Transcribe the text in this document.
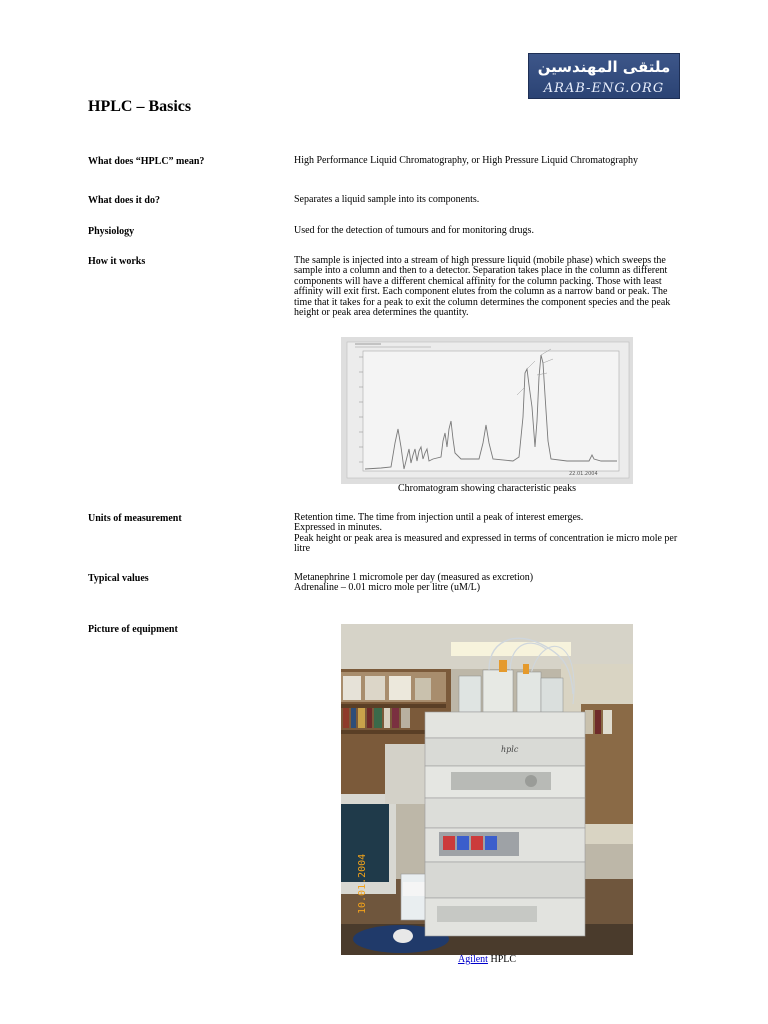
ملتقى المهندسين
ARAB-ENG.ORG
HPLC – Basics
What does “HPLC” mean?	High Performance Liquid Chromatography, or High Pressure Liquid Chromatography
What does it do?	Separates a liquid sample into its components.
Physiology	Used for the detection of tumours and for monitoring drugs.
How it works	The sample is injected into a stream of high pressure liquid (mobile phase) which sweeps the sample into a column and then to a detector. Separation takes place in the column as different components will have a different chemical affinity for the column packing. Those with least affinity will exit first. Each component elutes from the column as a narrow band or peak. The time that it takes for a peak to exit the column determines the component species and the peak height or peak area determines the quantity.
22.01.2004
Chromatogram showing characteristic peaks
Units of measurement	Retention time. The time from injection until a peak of interest emerges.
Expressed in minutes.
Peak height or peak area is measured and expressed in terms of concentration ie micro mole per litre
Typical values	Metanephrine 1 micromole per day (measured as excretion)
Adrenaline – 0.01 micro mole per litre (uM/L)
Picture of equipment
hplc
10.01.2004
Agilent HPLC
